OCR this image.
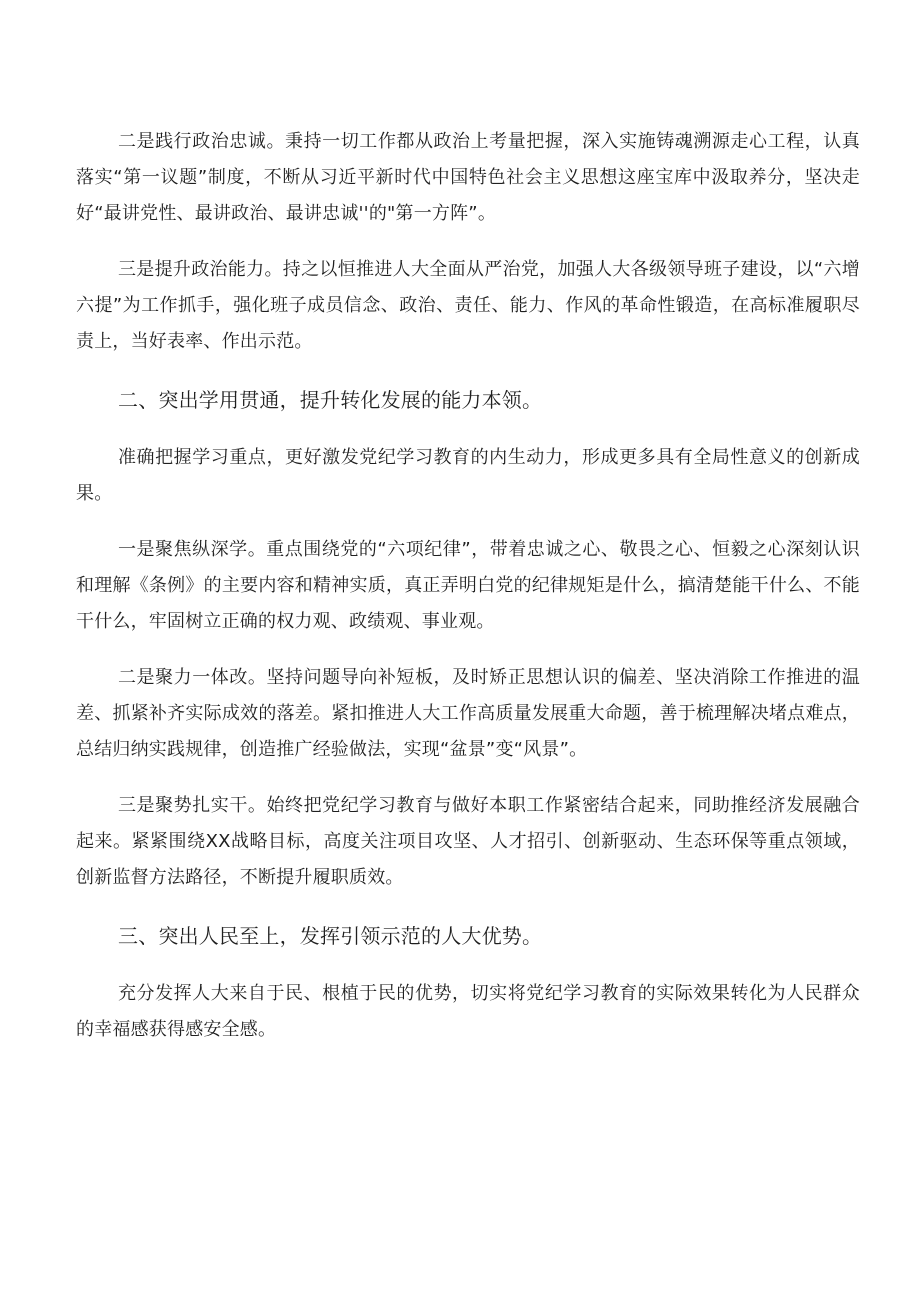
二是践行政治忠诚。秉持一切工作都从政治上考量把握，深入实施铸魂溯源走心工程，认真落实“第一议题”制度，不断从习近平新时代中国特色社会主义思想这座宝库中汲取养分，坚决走好“最讲党性、最讲政治、最讲忠诚''的"第一方阵”。

三是提升政治能力。持之以恒推进人大全面从严治党，加强人大各级领导班子建设，以“六增六提”为工作抓手，强化班子成员信念、政治、责任、能力、作风的革命性锻造，在高标准履职尽责上，当好表率、作出示范。

二、突出学用贯通，提升转化发展的能力本领。

准确把握学习重点，更好激发党纪学习教育的内生动力，形成更多具有全局性意义的创新成果。

一是聚焦纵深学。重点围绕党的“六项纪律”，带着忠诚之心、敬畏之心、恒毅之心深刻认识和理解《条例》的主要内容和精神实质，真正弄明白党的纪律规矩是什么，搞清楚能干什么、不能干什么，牢固树立正确的权力观、政绩观、事业观。

二是聚力一体改。坚持问题导向补短板，及时矫正思想认识的偏差、坚决消除工作推进的温差、抓紧补齐实际成效的落差。紧扣推进人大工作高质量发展重大命题，善于梳理解决堵点难点，总结归纳实践规律，创造推广经验做法，实现“盆景”变“风景”。

三是聚势扎实干。始终把党纪学习教育与做好本职工作紧密结合起来，同助推经济发展融合起来。紧紧围绕XX战略目标，高度关注项目攻坚、人才招引、创新驱动、生态环保等重点领域，创新监督方法路径，不断提升履职质效。

三、突出人民至上，发挥引领示范的人大优势。

充分发挥人大来自于民、根植于民的优势，切实将党纪学习教育的实际效果转化为人民群众的幸福感获得感安全感。
